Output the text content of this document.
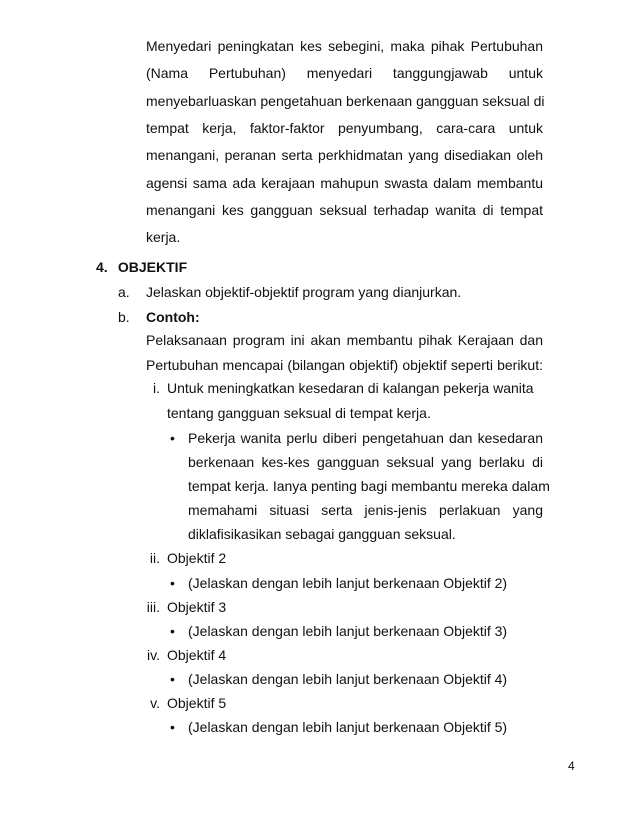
Menyedari peningkatan kes sebegini, maka pihak Pertubuhan
(Nama Pertubuhan) menyedari tanggungjawab untuk
menyebarluaskan pengetahuan berkenaan gangguan seksual di
tempat kerja, faktor-faktor penyumbang, cara-cara untuk
menangani, peranan serta perkhidmatan yang disediakan oleh
agensi sama ada kerajaan mahupun swasta dalam membantu
menangani kes gangguan seksual terhadap wanita di tempat
kerja.
4. OBJEKTIF
a.	Jelaskan objektif-objektif program yang dianjurkan.
b.	Contoh:
Pelaksanaan program ini akan membantu pihak Kerajaan dan
Pertubuhan mencapai (bilangan objektif) objektif seperti berikut:
i. Untuk meningkatkan kesedaran di kalangan pekerja wanita
tentang gangguan seksual di tempat kerja.
• Pekerja wanita perlu diberi pengetahuan dan kesedaran
berkenaan kes-kes gangguan seksual yang berlaku di
tempat kerja. Ianya penting bagi membantu mereka dalam
memahami situasi serta jenis-jenis perlakuan yang
diklafisikasikan sebagai gangguan seksual.
ii. Objektif 2
• (Jelaskan dengan lebih lanjut berkenaan Objektif 2)
iii. Objektif 3
• (Jelaskan dengan lebih lanjut berkenaan Objektif 3)
iv. Objektif 4
• (Jelaskan dengan lebih lanjut berkenaan Objektif 4)
v. Objektif 5
• (Jelaskan dengan lebih lanjut berkenaan Objektif 5)
4
